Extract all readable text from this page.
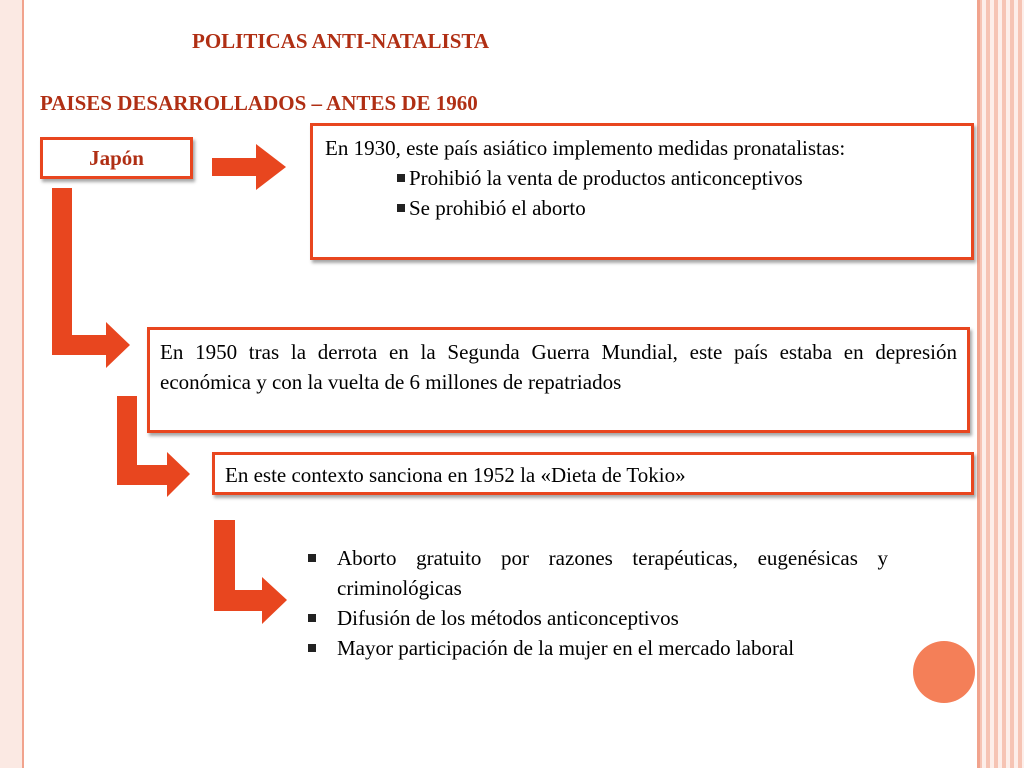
POLITICAS ANTI-NATALISTA
PAISES DESARROLLADOS – ANTES DE 1960
Japón	En 1930, este país asiático implemento medidas pronatalistas:
Prohibió la venta de productos anticonceptivos
Se prohibió el aborto
En 1950 tras la derrota en la Segunda Guerra Mundial, este país estaba en depresión económica y con la vuelta de 6 millones de repatriados
En este contexto sanciona en 1952 la «Dieta de Tokio»
Aborto gratuito por razones terapéuticas, eugenésicas y criminológicas
Difusión de los métodos anticonceptivos
Mayor participación de la mujer en el mercado laboral
